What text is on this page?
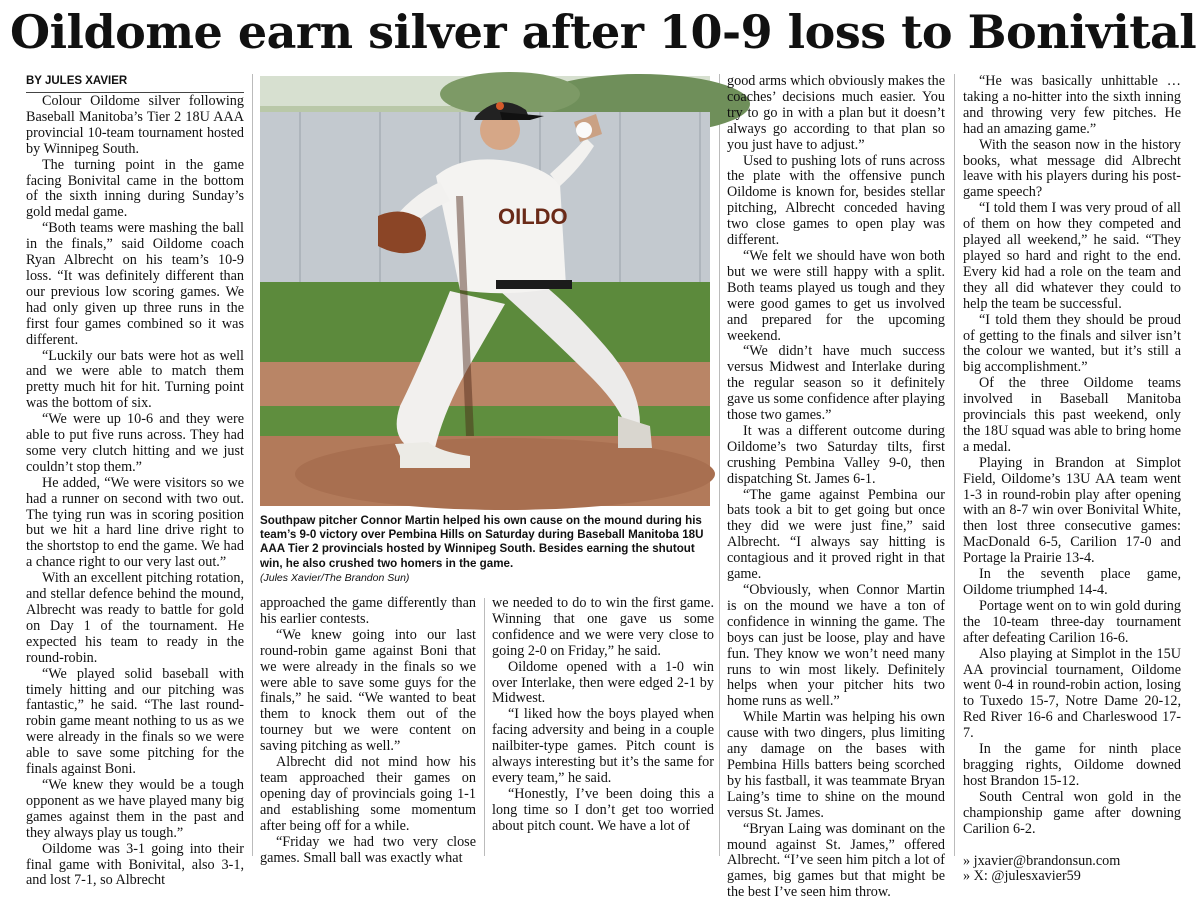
Oildome earn silver after 10-9 loss to Bonivital
BY JULES XAVIER

Colour Oildome silver following Baseball Manitoba’s Tier 2 18U AAA provincial 10-team tournament hosted by Winnipeg South.

The turning point in the game facing Bonivital came in the bottom of the sixth inning during Sunday’s gold medal game.

“Both teams were mashing the ball in the finals,” said Oildome coach Ryan Albrecht on his team’s 10-9 loss. “It was definitely different than our previous low scoring games. We had only given up three runs in the first four games combined so it was different.

“Luckily our bats were hot as well and we were able to match them pretty much hit for hit. Turning point was the bottom of six.

“We were up 10-6 and they were able to put five runs across. They had some very clutch hitting and we just couldn’t stop them.”

He added, “We were visitors so we had a runner on second with two out. The tying run was in scoring position but we hit a hard line drive right to the shortstop to end the game. We had a chance right to our very last out.”

With an excellent pitching rotation, and stellar defence behind the mound, Albrecht was ready to battle for gold on Day 1 of the tournament. He expected his team to ready in the round-robin.

“We played solid baseball with timely hitting and our pitching was fantastic,” he said. “The last round-robin game meant nothing to us as we were already in the finals so we were able to save some pitching for the finals against Boni.

“We knew they would be a tough opponent as we have played many big games against them in the past and they always play us tough.”

Oildome was 3-1 going into their final game with Bonivital, also 3-1, and lost 7-1, so Albrecht

OILDO
Southpaw pitcher Connor Martin helped his own cause on the mound during his team’s 9-0 victory over Pembina Hills on Saturday during Baseball Manitoba 18U AAA Tier 2 provincials hosted by Winnipeg South. Besides earning the shutout win, he also crushed two homers in the game.
(Jules Xavier/The Brandon Sun)

approached the game differently than his earlier contests.

“We knew going into our last round-robin game against Boni that we were already in the finals so we were able to save some guys for the finals,” he said. “We wanted to beat them to knock them out of the tourney but we were content on saving pitching as well.”

Albrecht did not mind how his team approached their games on opening day of provincials going 1-1 and establishing some momentum after being off for a while.

“Friday we had two very close games. Small ball was exactly what

we needed to do to win the first game. Winning that one gave us some confidence and we were very close to going 2-0 on Friday,” he said.

Oildome opened with a 1-0 win over Interlake, then were edged 2-1 by Midwest.

“I liked how the boys played when facing adversity and being in a couple nailbiter-type games. Pitch count is always interesting but it’s the same for every team,” he said.

“Honestly, I’ve been doing this a long time so I don’t get too worried about pitch count. We have a lot of

good arms which obviously makes the coaches’ decisions much easier. You try to go in with a plan but it doesn’t always go according to that plan so you just have to adjust.”

Used to pushing lots of runs across the plate with the offensive punch Oildome is known for, besides stellar pitching, Albrecht conceded having two close games to open play was different.

“We felt we should have won both but we were still happy with a split. Both teams played us tough and they were good games to get us involved and prepared for the upcoming weekend.

“We didn’t have much success versus Midwest and Interlake during the regular season so it definitely gave us some confidence after playing those two games.”

It was a different outcome during Oildome’s two Saturday tilts, first crushing Pembina Valley 9-0, then dispatching St. James 6-1.

“The game against Pembina our bats took a bit to get going but once they did we were just fine,” said Albrecht. “I always say hitting is contagious and it proved right in that game.

“Obviously, when Connor Martin is on the mound we have a ton of confidence in winning the game. The boys can just be loose, play and have fun. They know we won’t need many runs to win most likely. Definitely helps when your pitcher hits two home runs as well.”

While Martin was helping his own cause with two dingers, plus limiting any damage on the bases with Pembina Hills batters being scorched by his fastball, it was teammate Bryan Laing’s time to shine on the mound versus St. James.

“Bryan Laing was dominant on the mound against St. James,” offered Albrecht. “I’ve seen him pitch a lot of games, big games but that might be the best I’ve seen him throw.

“He was basically unhittable … taking a no-hitter into the sixth inning and throwing very few pitches. He had an amazing game.”

With the season now in the history books, what message did Albrecht leave with his players during his post-game speech?

“I told them I was very proud of all of them on how they competed and played all weekend,” he said. “They played so hard and right to the end. Every kid had a role on the team and they all did whatever they could to help the team be successful.

“I told them they should be proud of getting to the finals and silver isn’t the colour we wanted, but it’s still a big accomplishment.”

Of the three Oildome teams involved in Baseball Manitoba provincials this past weekend, only the 18U squad was able to bring home a medal.

Playing in Brandon at Simplot Field, Oildome’s 13U AA team went 1-3 in round-robin play after opening with an 8-7 win over Bonivital White, then lost three consecutive games: MacDonald 6-5, Carilion 17-0 and Portage la Prairie 13-4.

In the seventh place game, Oildome triumphed 14-4.

Portage went on to win gold during the 10-team three-day tournament after defeating Carilion 16-6.

Also playing at Simplot in the 15U AA provincial tournament, Oildome went 0-4 in round-robin action, losing to Tuxedo 15-7, Notre Dame 20-12, Red River 16-6 and Charleswood 17-7.

In the game for ninth place bragging rights, Oildome downed host Brandon 15-12.

South Central won gold in the championship game after downing Carilion 6-2.

» jxavier@brandonsun.com

» X: @julesxavier59
